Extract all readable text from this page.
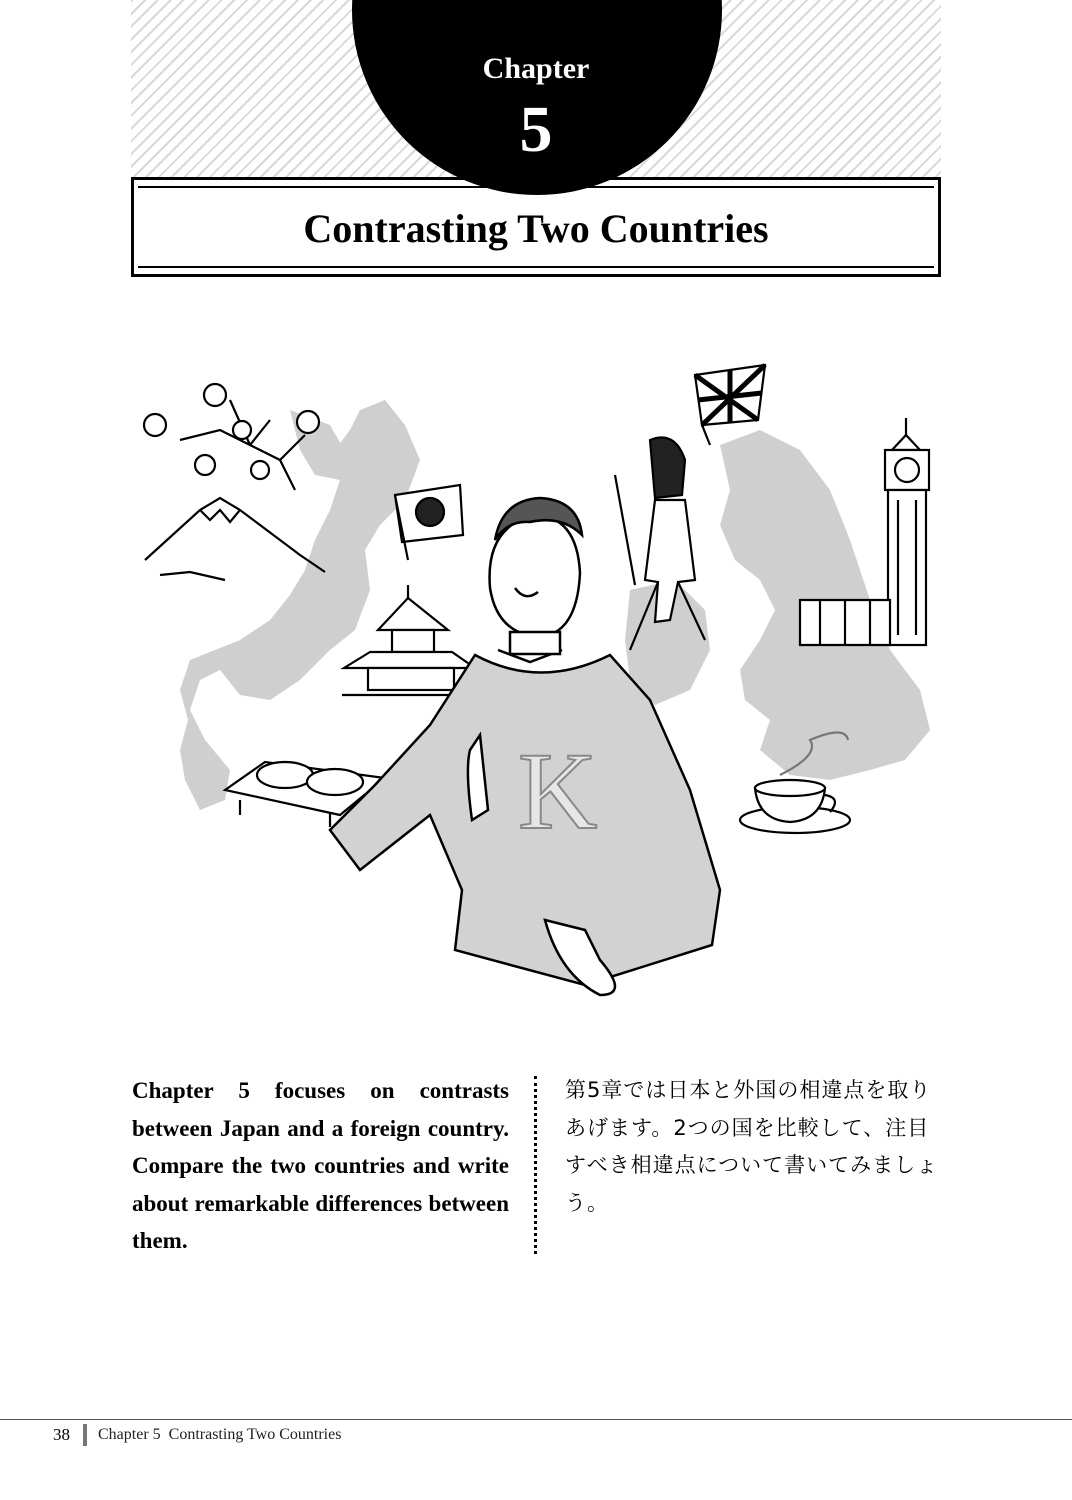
Chapter
5
Contrasting Two Countries
K
Chapter 5 focuses on contrasts between Japan and a foreign country. Compare the two countries and write about remarkable differences between them.
第5章では日本と外国の相違点を取りあげます。2つの国を比較して、注目すべき相違点について書いてみましょう。
38 Chapter 5  Contrasting Two Countries
